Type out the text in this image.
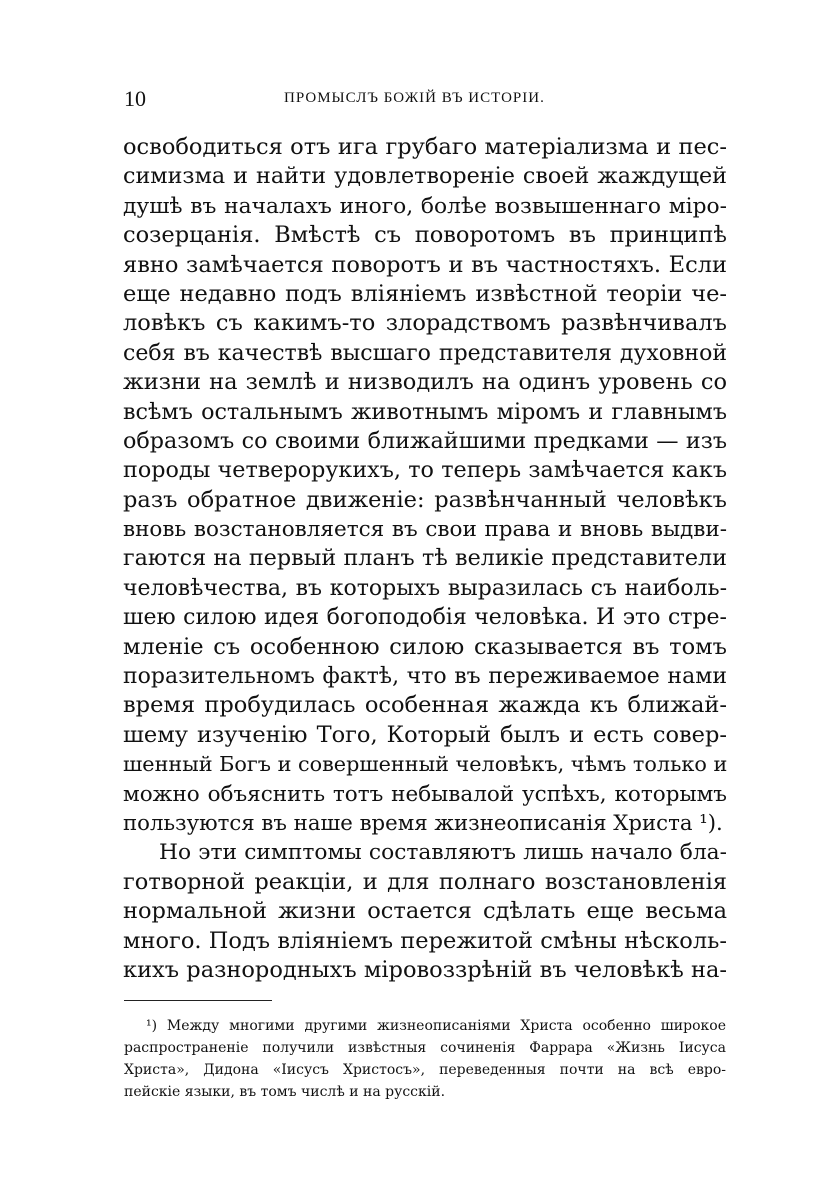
10	ПРОМЫСЛЪ БОЖІЙ ВЪ ИСТОРІИ.
освободиться отъ ига грубаго матеріализма и пес-
симизма и найти удовлетвореніе своей жаждущей
душѣ въ началахъ иного, болѣе возвышеннаго міро-
созерцанія. Вмѣстѣ съ поворотомъ въ принципѣ
явно замѣчается поворотъ и въ частностяхъ. Если
еще недавно подъ вліяніемъ извѣстной теоріи че-
ловѣкъ съ какимъ-то злорадствомъ развѣнчивалъ
себя въ качествѣ высшаго представителя духовной
жизни на землѣ и низводилъ на одинъ уровень со
всѣмъ остальнымъ животнымъ міромъ и главнымъ
образомъ со своими ближайшими предками — изъ
породы четверорукихъ, то теперь замѣчается какъ
разъ обратное движеніе: развѣнчанный человѣкъ
вновь возстановляется въ свои права и вновь выдви-
гаются на первый планъ тѣ великіе представители
человѣчества, въ которыхъ выразилась съ наиболь-
шею силою идея богоподобія человѣка. И это стре-
мленіе съ особенною силою сказывается въ томъ
поразительномъ фактѣ, что въ переживаемое нами
время пробудилась особенная жажда къ ближай-
шему изученію Того, Который былъ и есть совер-
шенный Богъ и совершенный человѣкъ, чѣмъ только и
можно объяснить тотъ небывалой успѣхъ, которымъ
пользуются въ наше время жизнеописанія Христа ¹).
Но эти симптомы составляютъ лишь начало бла-
готворной реакціи, и для полнаго возстановленія
нормальной жизни остается сдѣлать еще весьма
много. Подъ вліяніемъ пережитой смѣны нѣсколь-
кихъ разнородныхъ міровоззрѣній въ человѣкѣ на-
¹) Между многими другими жизнеописаніями Христа особенно широкое
распространеніе получили извѣстныя сочиненія Фаррара «Жизнь Іисуса
Христа», Дидона «Іисусъ Христосъ», переведенныя почти на всѣ евро-
пейскіе языки, въ томъ числѣ и на русскій.
